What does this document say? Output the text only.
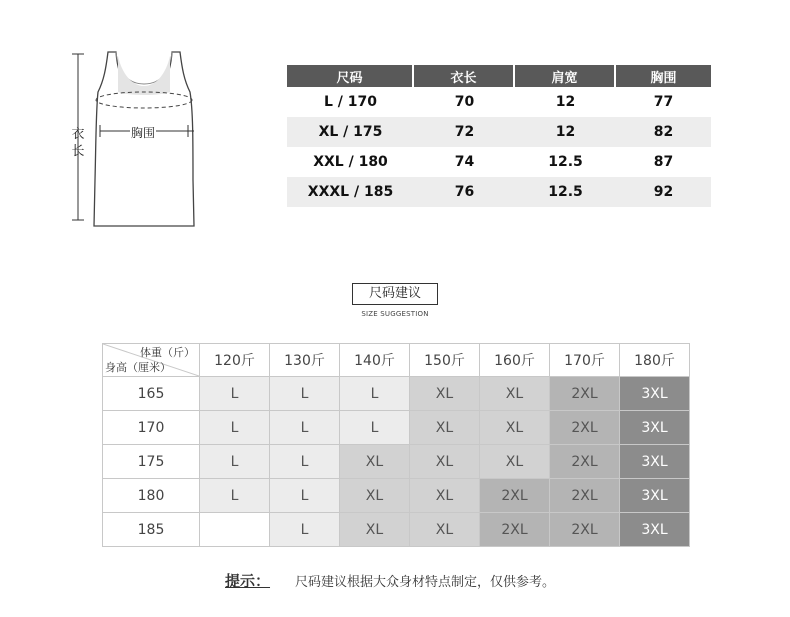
衣长
胸围
尺码	衣长	肩宽	胸围
L / 170	70	12	77
XL / 175	72	12	82
XXL / 180	74	12.5	87
XXXL / 185	76	12.5	92
尺码建议
SIZE SUGGESTION
体重（斤）
身高（厘米）	120斤	130斤	140斤	150斤	160斤	170斤	180斤
165	L	L	L	XL	XL	2XL	3XL
170	L	L	L	XL	XL	2XL	3XL
175	L	L	XL	XL	XL	2XL	3XL
180	L	L	XL	XL	2XL	2XL	3XL
185		L	XL	XL	2XL	2XL	3XL
提示： 尺码建议根据大众身材特点制定，仅供参考。
